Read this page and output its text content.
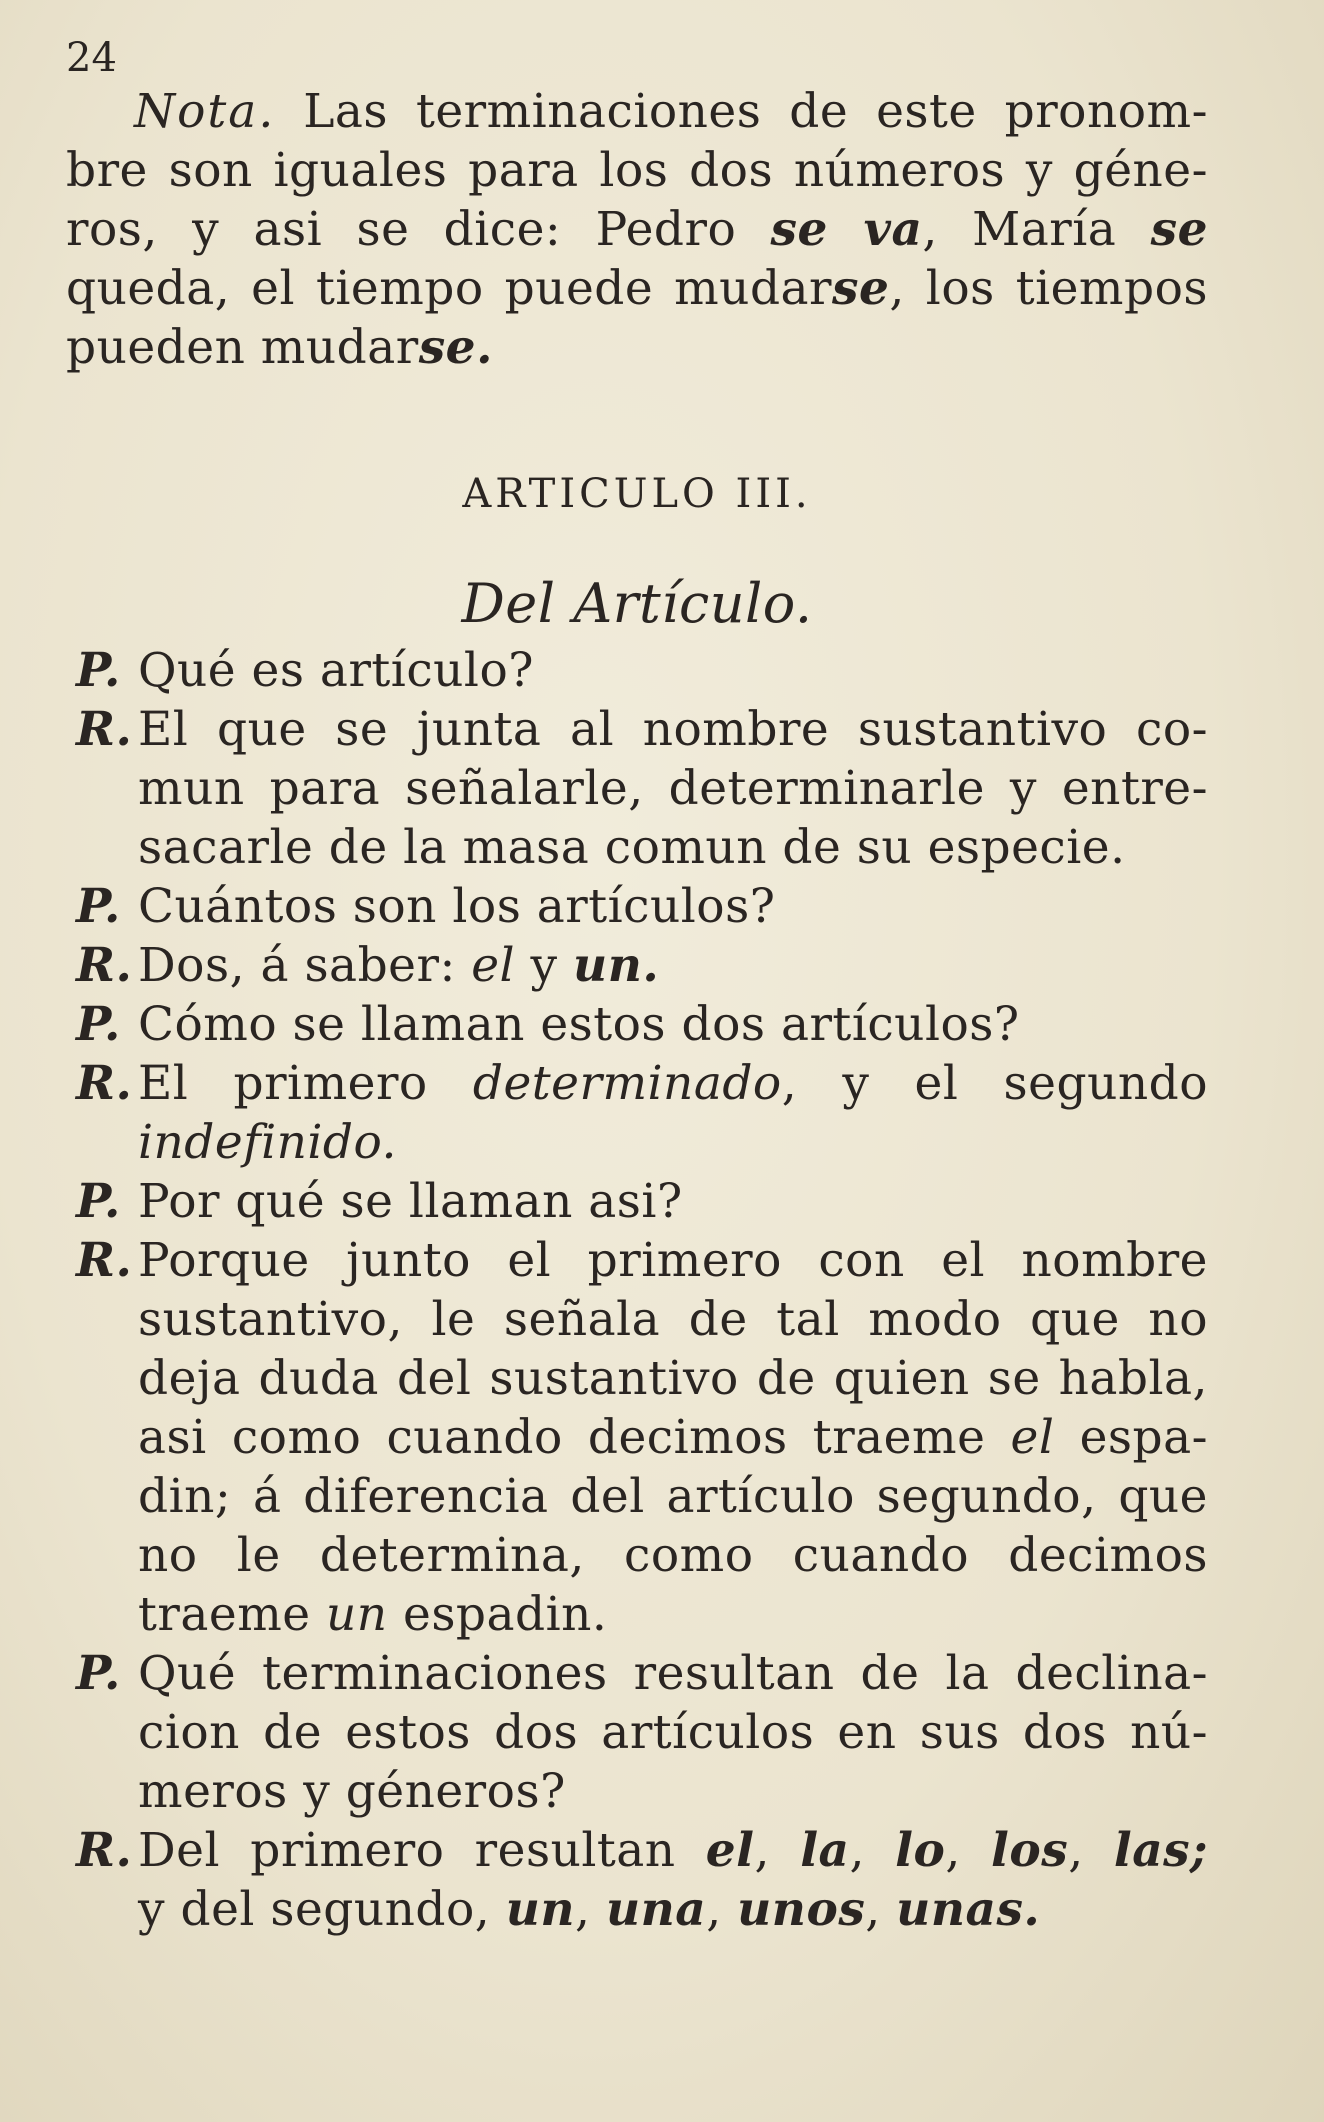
24

Nota. Las terminaciones de este pronom-

bre son iguales para los dos números y géne-

ros, y asi se dice: Pedro se va, María se

queda, el tiempo puede mudarse, los tiempos

pueden mudarse.

ARTICULO III.
Del Artículo.
P. Qué es artículo?

R. El que se junta al nombre sustantivo co-

mun para señalarle, determinarle y entre-

sacarle de la masa comun de su especie.

P. Cuántos son los artículos?

R. Dos, á saber: el y un.

P. Cómo se llaman estos dos artículos?

R. El primero determinado, y el segundo

indefinido.

P. Por qué se llaman asi?

R. Porque junto el primero con el nombre

sustantivo, le señala de tal modo que no

deja duda del sustantivo de quien se habla,

asi como cuando decimos traeme el espa-

din; á diferencia del artículo segundo, que

no le determina, como cuando decimos

traeme un espadin.

P. Qué terminaciones resultan de la declina-

cion de estos dos artículos en sus dos nú-

meros y géneros?

R. Del primero resultan el, la, lo, los, las;

y del segundo, un, una, unos, unas.
